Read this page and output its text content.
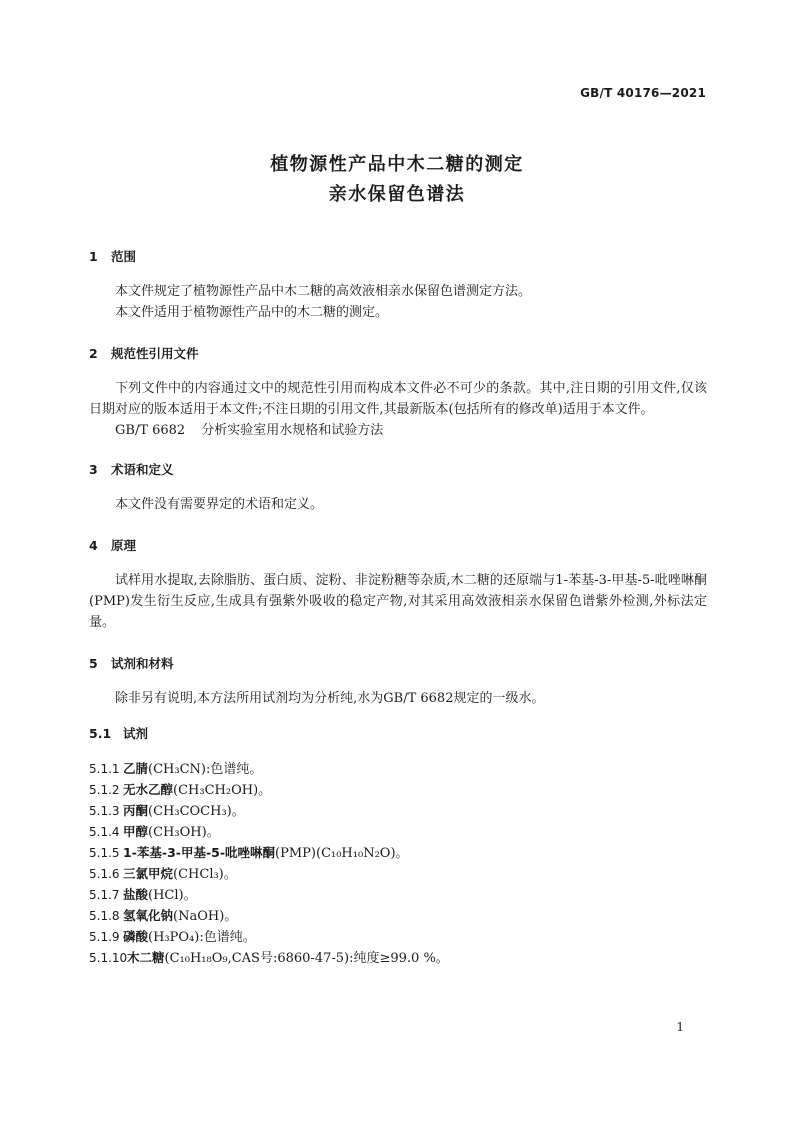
GB/T 40176—2021
植物源性产品中木二糖的测定
亲水保留色谱法
1 范围
本文件规定了植物源性产品中木二糖的高效液相亲水保留色谱测定方法。
本文件适用于植物源性产品中的木二糖的测定。
2 规范性引用文件
下列文件中的内容通过文中的规范性引用而构成本文件必不可少的条款。其中,注日期的引用文件,仅该日期对应的版本适用于本文件;不注日期的引用文件,其最新版本(包括所有的修改单)适用于本文件。
GB/T 6682 分析实验室用水规格和试验方法
3 术语和定义
本文件没有需要界定的术语和定义。
4 原理
试样用水提取,去除脂肪、蛋白质、淀粉、非淀粉糖等杂质,木二糖的还原端与1-苯基-3-甲基-5-吡唑啉酮(PMP)发生衍生反应,生成具有强紫外吸收的稳定产物,对其采用高效液相亲水保留色谱紫外检测,外标法定量。
5 试剂和材料
除非另有说明,本方法所用试剂均为分析纯,水为GB/T 6682规定的一级水。
5.1 试剂
5.1.1 乙腈(CH₃CN):色谱纯。
5.1.2 无水乙醇(CH₃CH₂OH)。
5.1.3 丙酮(CH₃COCH₃)。
5.1.4 甲醇(CH₃OH)。
5.1.5 1-苯基-3-甲基-5-吡唑啉酮(PMP)(C₁₀H₁₀N₂O)。
5.1.6 三氯甲烷(CHCl₃)。
5.1.7 盐酸(HCl)。
5.1.8 氢氧化钠(NaOH)。
5.1.9 磷酸(H₃PO₄):色谱纯。
5.1.10木二糖(C₁₀H₁₈O₉,CAS号:6860-47-5):纯度≥99.0 %。
1
